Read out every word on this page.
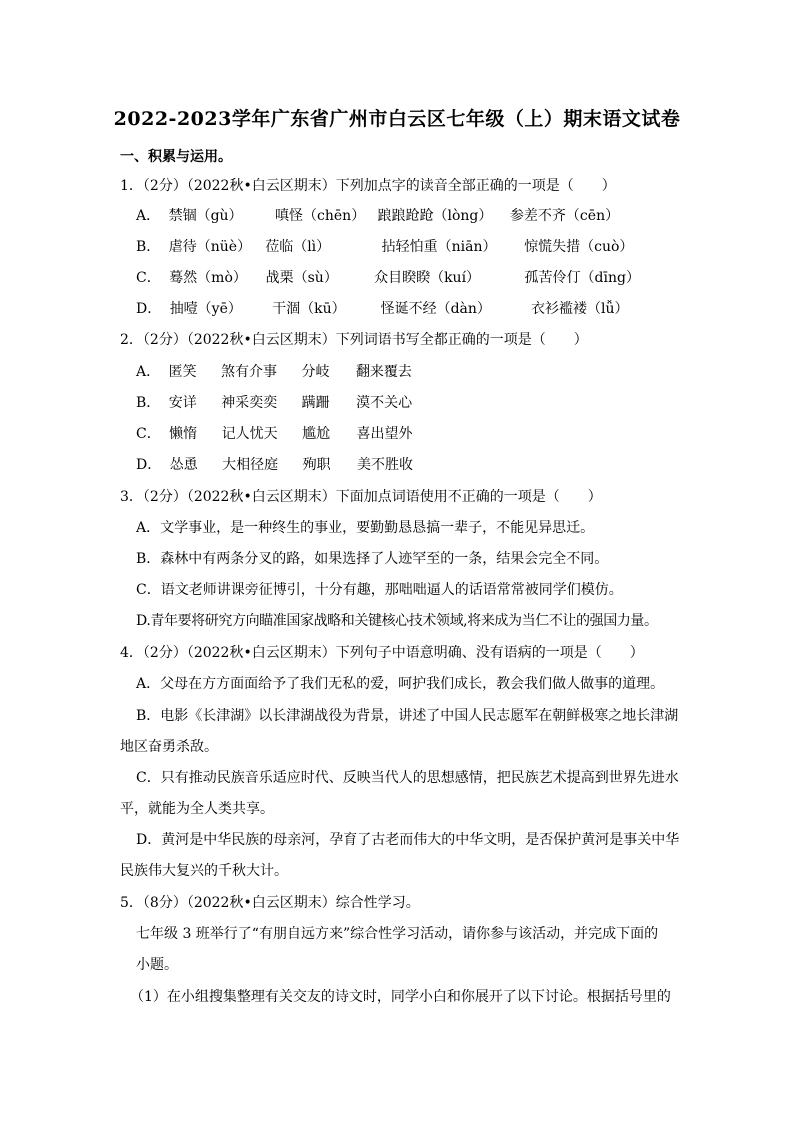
2022-2023学年广东省广州市白云区七年级（上）期末语文试卷
一、积累与运用。
1．（2分）（2022秋•白云区期末）下列加点字的读音全部正确的一项是（　　）
A． 禁锢（gù） 嗔怪（chēn） 踉踉跄跄（lòng） 参差不齐（cēn）
B． 虐待（nüè） 莅临（lì）	拈轻怕重（niān） 惊慌失措（cuò）
C． 蓦然（mò） 战栗（sù）	众目睽睽（kuí）	孤苦伶仃（dīng）
D． 抽噎（yē） 干涸（kū） 怪诞不经（dàn）	衣衫褴褛（lǚ）
2．（2分）（2022秋•白云区期末）下列词语书写全都正确的一项是（　　）
A． 匿笑 煞有介事 分岐 翻来覆去
B． 安详 神采奕奕 蹒跚 漠不关心
C． 懒惰 记人忧天 尴尬 喜出望外
D． 怂恿 大相径庭 殉职 美不胜收
3．（2分）（2022秋•白云区期末）下面加点词语使用不正确的一项是（　　）
A．文学事业，是一种终生的事业，要勤勤恳恳搞一辈子，不能见异思迁。
B．森林中有两条分叉的路，如果选择了人迹罕至的一条，结果会完全不同。
C．语文老师讲课旁征博引，十分有趣，那咄咄逼人的话语常常被同学们模仿。
D.青年要将研究方向瞄准国家战略和关键核心技术领域,将来成为当仁不让的强国力量。
4．（2分）（2022秋•白云区期末）下列句子中语意明确、没有语病的一项是（　　）
A．父母在方方面面给予了我们无私的爱，呵护我们成长，教会我们做人做事的道理。
B．电影《长津湖》以长津湖战役为背景，讲述了中国人民志愿军在朝鲜极寒之地长津湖
地区奋勇杀敌。
C．只有推动民族音乐适应时代、反映当代人的思想感情，把民族艺术提高到世界先进水
平，就能为全人类共享。
D．黄河是中华民族的母亲河，孕育了古老而伟大的中华文明，是否保护黄河是事关中华
民族伟大复兴的千秋大计。
5．（8分）（2022秋•白云区期末）综合性学习。
七年级 3 班举行了“有朋自远方来”综合性学习活动，请你参与该活动，并完成下面的
小题。
（1）在小组搜集整理有关交友的诗文时，同学小白和你展开了以下讨论。根据括号里的
